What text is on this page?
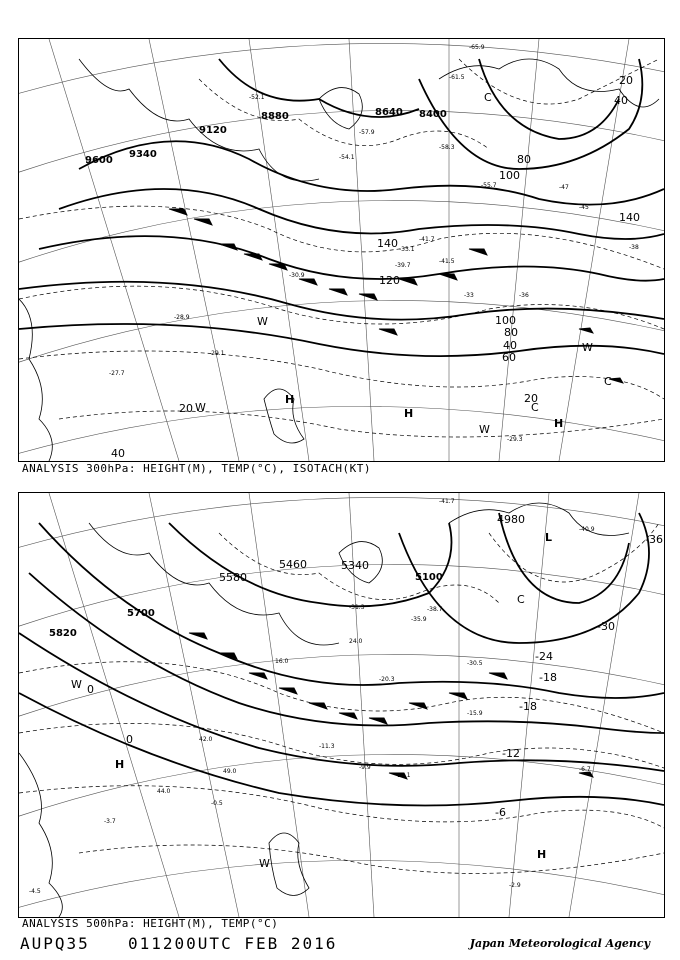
9600
9340
9120
8880	8640 8400
140
120
100
80
60
20
100
80
40
20
140
20
40
40
H
H
H
C
C
C
W
W
W
W
-52.1
-54.1
-57.9
-58.3
-55.7
-41.7
-39.7
-30.9
-29.1
-28.9
-29.3
-27.7
-33	-36
-38
-45
-47
-61.5
-65.9
-41.5
-33.1
ANALYSIS 300hPa: HEIGHT(M), TEMP(°C), ISOTACH(KT)
5820
5700
5580
5460	5340
5100
4980
-36
-30
-24
-18
-18
-12
-6
0
0
H
H
L
C
W
W
-41.7
-40.9
-31.3	-38.7
-35.9
-30.5
-20.3
-15.9
-11.3
-9.9	-6.7
-10.1
-3.7
-2.9
-4.5
-0.5
42.0
44.0
49.0
16.0
24.0
ANALYSIS 500hPa: HEIGHT(M), TEMP(°C)
AUPQ35 011200UTC FEB 2016	Japan Meteorological Agency
